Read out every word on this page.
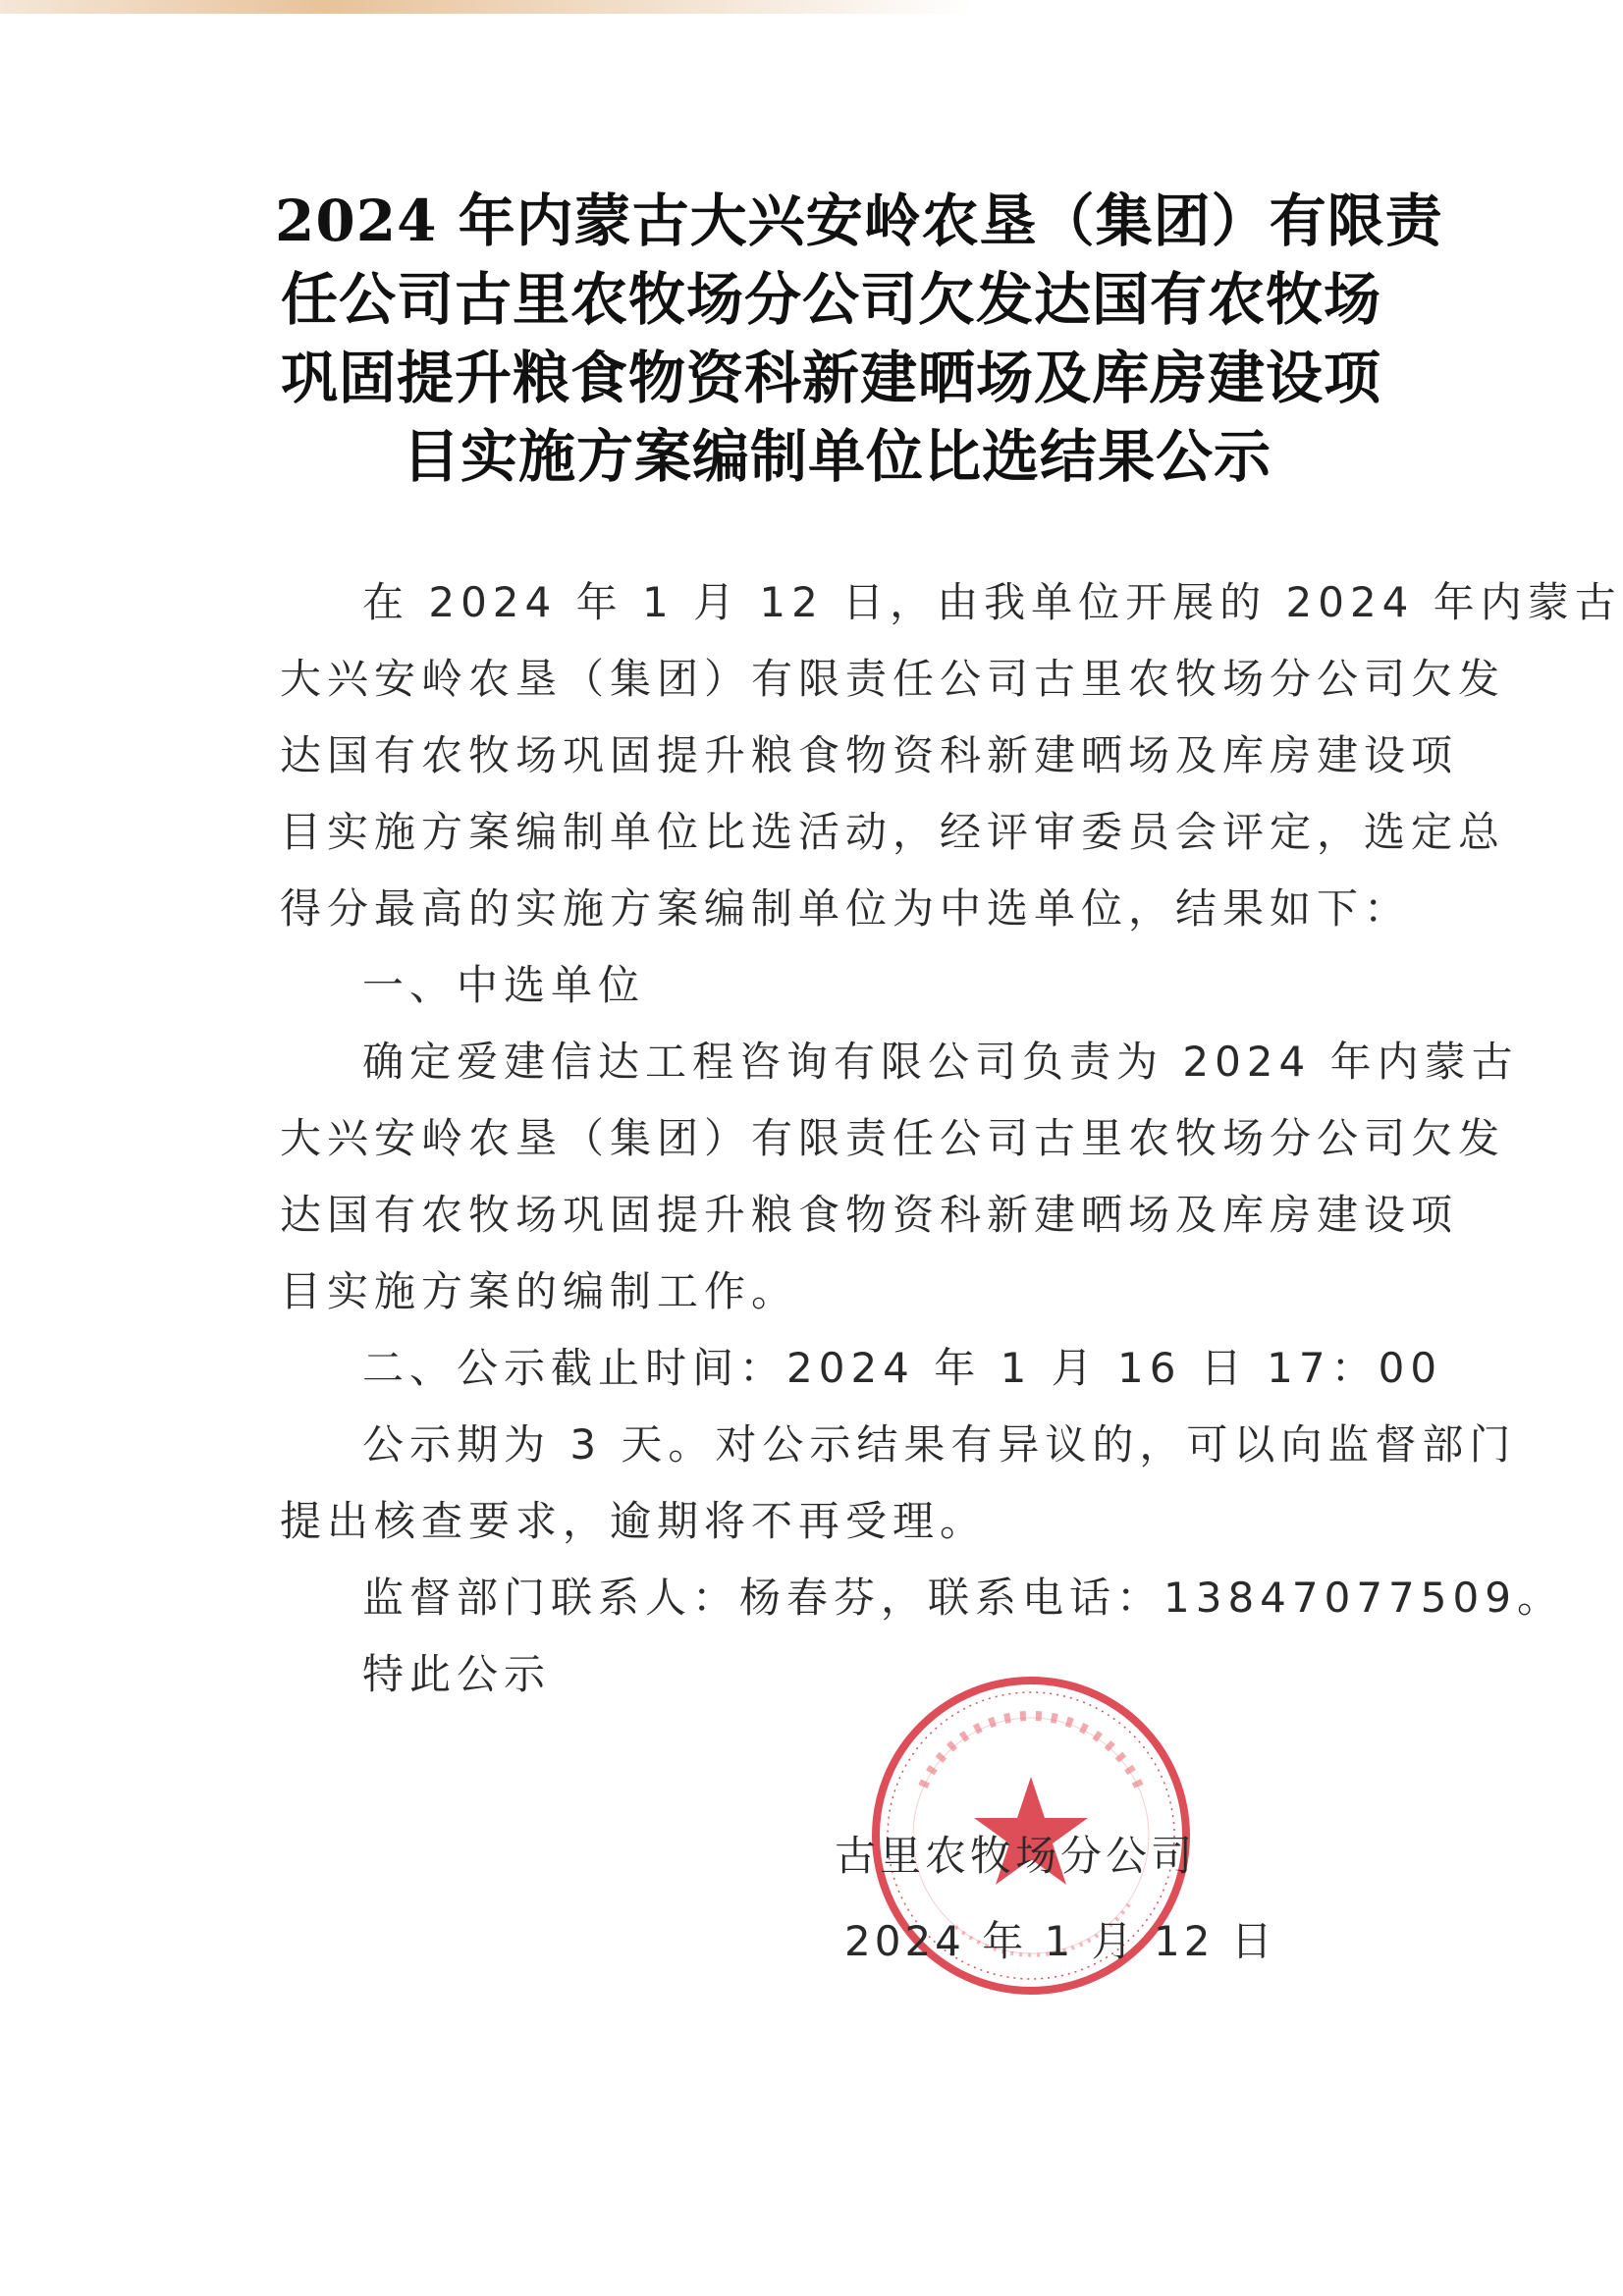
2024 年内蒙古大兴安岭农垦（集团）有限责
任公司古里农牧场分公司欠发达国有农牧场
巩固提升粮食物资科新建晒场及库房建设项
目实施方案编制单位比选结果公示
在 2024 年 1 月 12 日，由我单位开展的 2024 年内蒙古
大兴安岭农垦（集团）有限责任公司古里农牧场分公司欠发
达国有农牧场巩固提升粮食物资科新建晒场及库房建设项
目实施方案编制单位比选活动，经评审委员会评定，选定总
得分最高的实施方案编制单位为中选单位，结果如下：
一、中选单位
确定爱建信达工程咨询有限公司负责为 2024 年内蒙古
大兴安岭农垦（集团）有限责任公司古里农牧场分公司欠发
达国有农牧场巩固提升粮食物资科新建晒场及库房建设项
目实施方案的编制工作。
二、公示截止时间：2024 年 1 月 16 日 17：00
公示期为 3 天。对公示结果有异议的，可以向监督部门
提出核查要求，逾期将不再受理。
监督部门联系人：杨春芬，联系电话：13847077509。
特此公示
古里农牧场分公司
2024 年 1 月 12 日
